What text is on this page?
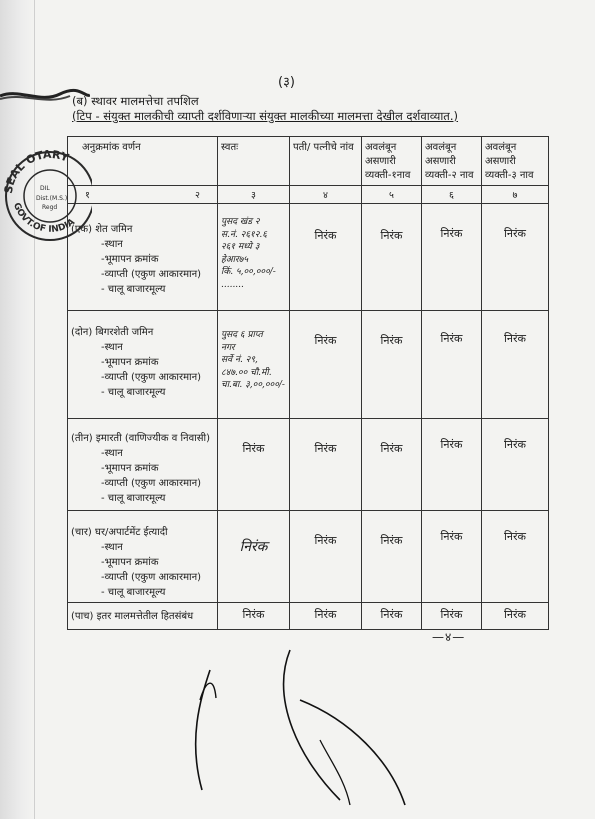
(३)
(ब) स्थावर मालमत्तेचा तपशिल
(टिप - संयुक्त मालकीची व्याप्ती दर्शविणाऱ्या संयुक्त मालकीच्या मालमत्ता देखील दर्शवाव्यात.)
अनुक्रमांक वर्णन	स्वतः	पती/ पत्नीचे नांव	अवलंबून असणारी व्यक्ती-१नाव	अवलंबून असणारी व्यक्ती-२ नाव	अवलंबून असणारी व्यक्ती-३ नाव

१ २	३	४	५	६	७

(एक) शेत जमिन
-स्थान
-भूमापन क्रमांक
-व्याप्ती (एकुण आकारमान)
- चालू बाजारमूल्य	पुसद खंड २
स.नं. २६१२.६
२६१ मध्ये ३ हेआर७५
किं. ५,००,०००/-
........	निरंक	निरंक	निरंक	निरंक

(दोन) बिगरशेती जमिन
-स्थान
-भूमापन क्रमांक
-व्याप्ती (एकुण आकारमान)
- चालू बाजारमूल्य	पुसद ६ प्राप्त
नगर
सर्वे नं. २९,
८४७.०० चौ.मी.
चा.बा. ३,००,०००/-	निरंक	निरंक	निरंक	निरंक

(तीन) इमारती (वाणिज्यीक व निवासी)
-स्थान
-भूमापन क्रमांक
-व्याप्ती (एकुण आकारमान)
- चालू बाजारमूल्य	निरंक	निरंक	निरंक	निरंक	निरंक

(चार) घर/अपार्टमेंट ईत्यादी
-स्थान
-भूमापन क्रमांक
-व्याप्ती (एकुण आकारमान)
- चालू बाजारमूल्य	निरंक	निरंक	निरंक	निरंक	निरंक

(पाच) इतर मालमत्तेतील हितसंबंध	निरंक	निरंक	निरंक	निरंक	निरंक
SEAL OTARY
GOVT.OF INDIA
DIL
Dist.(M.S.)
Regd
—४—
